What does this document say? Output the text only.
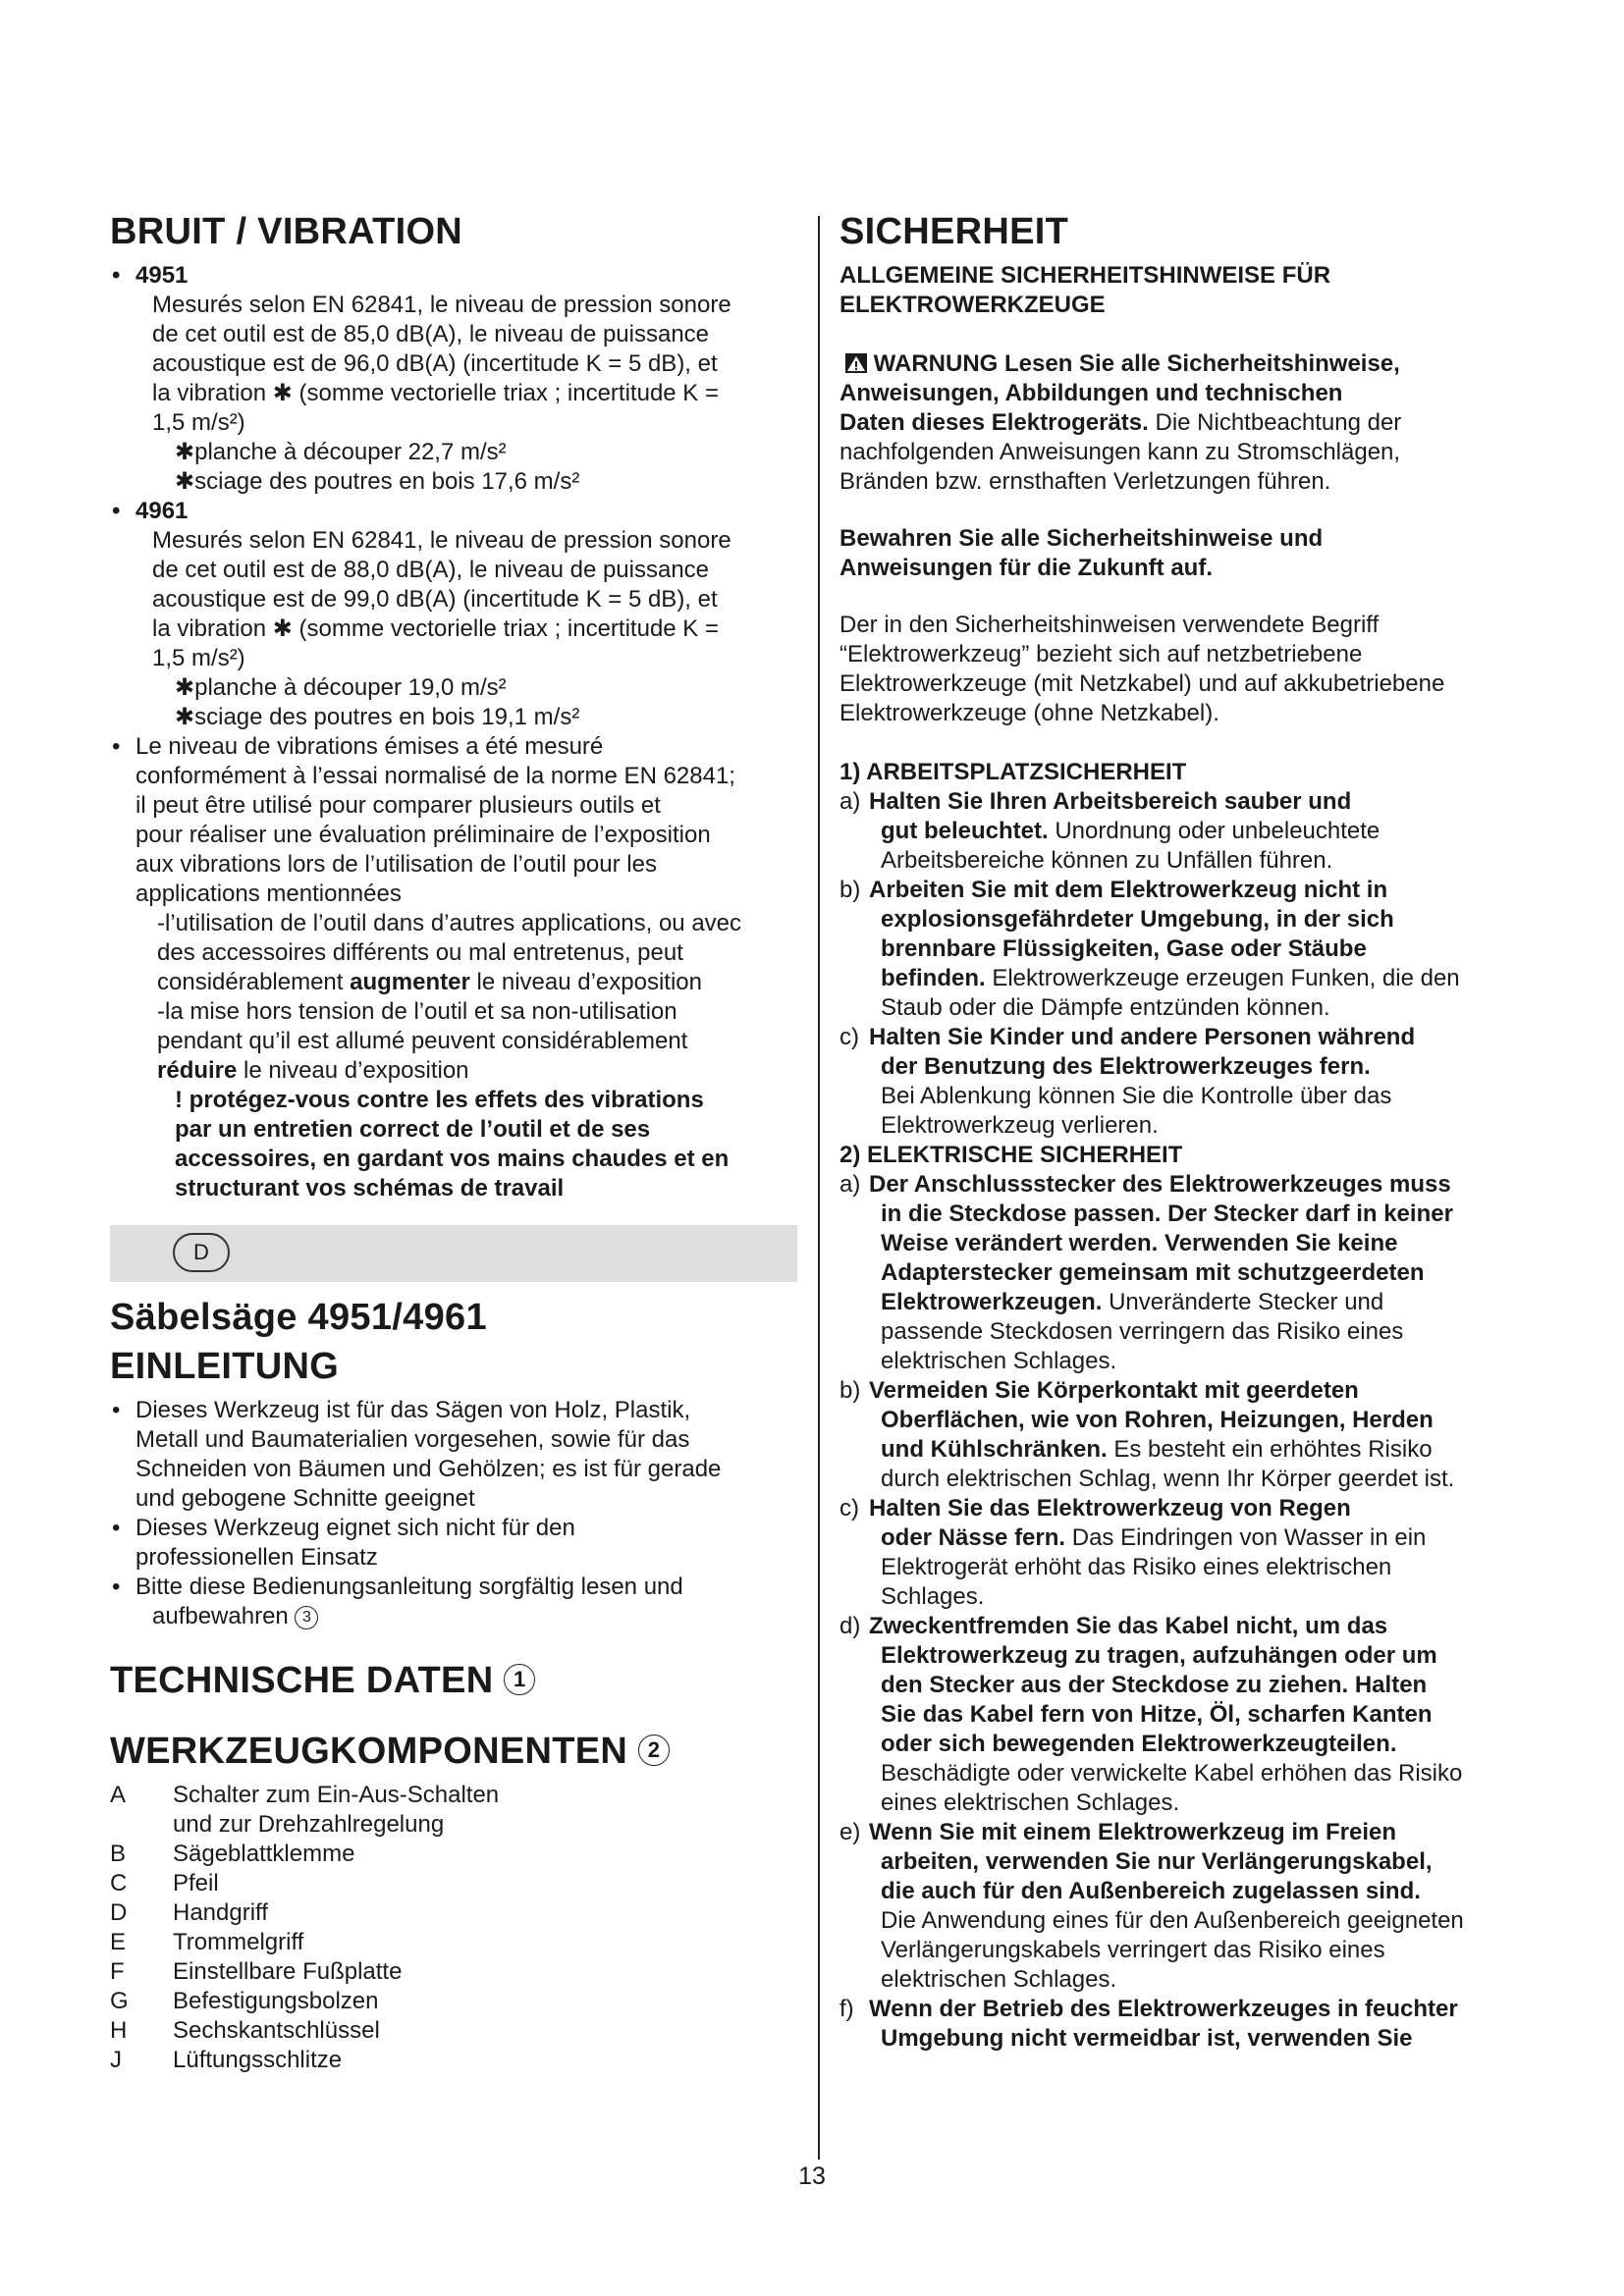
BRUIT / VIBRATION
• 4951
Mesurés selon EN 62841, le niveau de pression sonore
de cet outil est de 85,0 dB(A), le niveau de puissance
acoustique est de 96,0 dB(A) (incertitude K = 5 dB), et
la vibration ✱ (somme vectorielle triax ; incertitude K =
1,5 m/s²)
✱planche à découper 22,7 m/s²
✱sciage des poutres en bois 17,6 m/s²
• 4961
Mesurés selon EN 62841, le niveau de pression sonore
de cet outil est de 88,0 dB(A), le niveau de puissance
acoustique est de 99,0 dB(A) (incertitude K = 5 dB), et
la vibration ✱ (somme vectorielle triax ; incertitude K =
1,5 m/s²)
✱planche à découper 19,0 m/s²
✱sciage des poutres en bois 19,1 m/s²
• Le niveau de vibrations émises a été mesuré
conformément à l’essai normalisé de la norme EN 62841;
il peut être utilisé pour comparer plusieurs outils et
pour réaliser une évaluation préliminaire de l’exposition
aux vibrations lors de l’utilisation de l’outil pour les
applications mentionnées
-l’utilisation de l’outil dans d’autres applications, ou avec
des accessoires différents ou mal entretenus, peut
considérablement augmenter le niveau d’exposition
-la mise hors tension de l’outil et sa non-utilisation
pendant qu’il est allumé peuvent considérablement
réduire le niveau d’exposition
! protégez-vous contre les effets des vibrations
par un entretien correct de l’outil et de ses
accessoires, en gardant vos mains chaudes et en
structurant vos schémas de travail
D
Säbelsäge 4951/4961
EINLEITUNG
• Dieses Werkzeug ist für das Sägen von Holz, Plastik,
Metall und Baumaterialien vorgesehen, sowie für das
Schneiden von Bäumen und Gehölzen; es ist für gerade
und gebogene Schnitte geeignet
• Dieses Werkzeug eignet sich nicht für den
professionellen Einsatz
• Bitte diese Bedienungsanleitung sorgfältig lesen und
aufbewahren 3
TECHNISCHE DATEN 1
WERKZEUGKOMPONENTEN 2
A	Schalter zum Ein-Aus-Schalten
und zur Drehzahlregelung
B	Sägeblattklemme
C	Pfeil
D	Handgriff
E	Trommelgriff
F	Einstellbare Fußplatte
G	Befestigungsbolzen
H	Sechskantschlüssel
J	Lüftungsschlitze
SICHERHEIT
ALLGEMEINE SICHERHEITSHINWEISE FÜR
ELEKTROWERKZEUGE
WARNUNG Lesen Sie alle Sicherheitshinweise,
Anweisungen, Abbildungen und technischen
Daten dieses Elektrogeräts. Die Nichtbeachtung der
nachfolgenden Anweisungen kann zu Stromschlägen,
Bränden bzw. ernsthaften Verletzungen führen.
Bewahren Sie alle Sicherheitshinweise und
Anweisungen für die Zukunft auf.
Der in den Sicherheitshinweisen verwendete Begriff
“Elektrowerkzeug” bezieht sich auf netzbetriebene
Elektrowerkzeuge (mit Netzkabel) und auf akkubetriebene
Elektrowerkzeuge (ohne Netzkabel).
1) ARBEITSPLATZSICHERHEIT
a) Halten Sie Ihren Arbeitsbereich sauber und
gut beleuchtet. Unordnung oder unbeleuchtete
Arbeitsbereiche können zu Unfällen führen.
b) Arbeiten Sie mit dem Elektrowerkzeug nicht in
explosionsgefährdeter Umgebung, in der sich
brennbare Flüssigkeiten, Gase oder Stäube
befinden. Elektrowerkzeuge erzeugen Funken, die den
Staub oder die Dämpfe entzünden können.
c) Halten Sie Kinder und andere Personen während
der Benutzung des Elektrowerkzeuges fern.
Bei Ablenkung können Sie die Kontrolle über das
Elektrowerkzeug verlieren.
2) ELEKTRISCHE SICHERHEIT
a) Der Anschlussstecker des Elektrowerkzeuges muss
in die Steckdose passen. Der Stecker darf in keiner
Weise verändert werden. Verwenden Sie keine
Adapterstecker gemeinsam mit schutzgeerdeten
Elektrowerkzeugen. Unveränderte Stecker und
passende Steckdosen verringern das Risiko eines
elektrischen Schlages.
b) Vermeiden Sie Körperkontakt mit geerdeten
Oberflächen, wie von Rohren, Heizungen, Herden
und Kühlschränken. Es besteht ein erhöhtes Risiko
durch elektrischen Schlag, wenn Ihr Körper geerdet ist.
c) Halten Sie das Elektrowerkzeug von Regen
oder Nässe fern. Das Eindringen von Wasser in ein
Elektrogerät erhöht das Risiko eines elektrischen
Schlages.
d) Zweckentfremden Sie das Kabel nicht, um das
Elektrowerkzeug zu tragen, aufzuhängen oder um
den Stecker aus der Steckdose zu ziehen. Halten
Sie das Kabel fern von Hitze, Öl, scharfen Kanten
oder sich bewegenden Elektrowerkzeugteilen.
Beschädigte oder verwickelte Kabel erhöhen das Risiko
eines elektrischen Schlages.
e) Wenn Sie mit einem Elektrowerkzeug im Freien
arbeiten, verwenden Sie nur Verlängerungskabel,
die auch für den Außenbereich zugelassen sind.
Die Anwendung eines für den Außenbereich geeigneten
Verlängerungskabels verringert das Risiko eines
elektrischen Schlages.
f) Wenn der Betrieb des Elektrowerkzeuges in feuchter
Umgebung nicht vermeidbar ist, verwenden Sie
13
